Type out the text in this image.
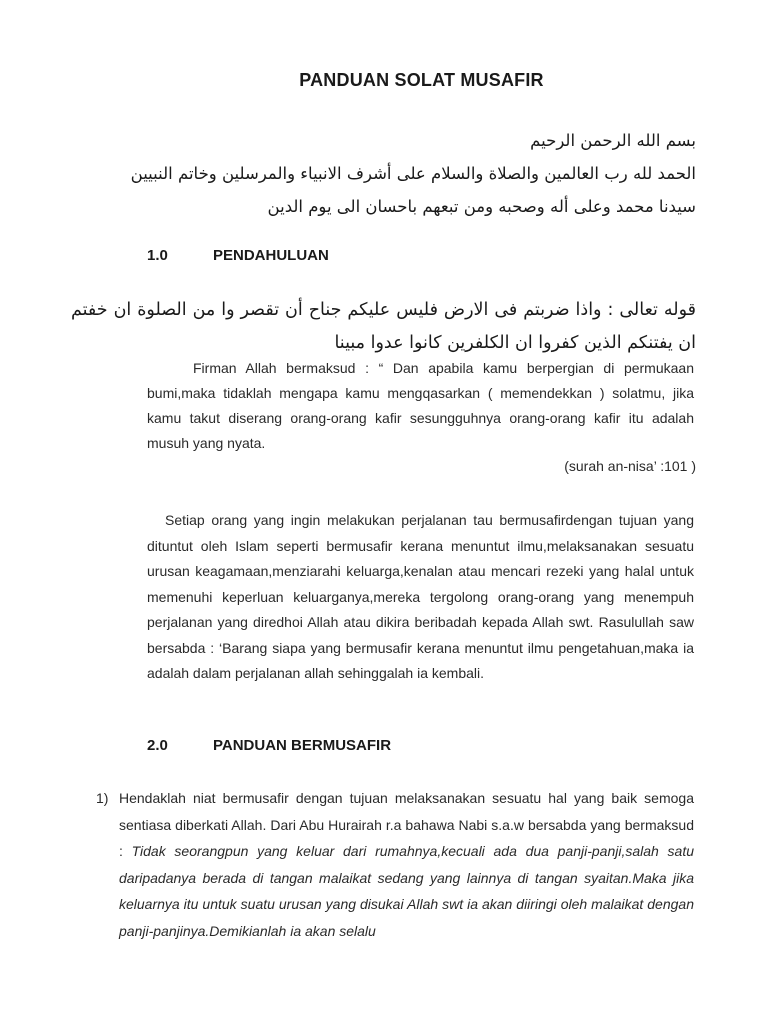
PANDUAN SOLAT MUSAFIR
بسم الله الرحمن الرحيم
الحمد لله رب العالمين والصلاة والسلام على أشرف الانبياء والمرسلين وخاتم النبيين
سيدنا محمد وعلى أله وصحبه ومن تبعهم باحسان الى يوم الدين
1.0	PENDAHULUAN
قوله تعالى : واذا ضربتم فى الارض فليس عليكم جناح أن تقصر وا من الصلوة ان خفتم ان يفتنكم الذين كفروا ان الكلفرين كانوا عدوا مبينا
Firman Allah bermaksud : “ Dan apabila kamu berpergian di permukaan bumi,maka tidaklah mengapa kamu mengqasarkan ( memendekkan ) solatmu, jika kamu takut diserang orang-orang kafir sesungguhnya orang-orang kafir itu adalah musuh yang nyata.
(surah an-nisa’ :101 )
Setiap orang yang ingin melakukan perjalanan tau bermusafirdengan tujuan yang dituntut oleh Islam seperti bermusafir kerana menuntut ilmu,melaksanakan sesuatu urusan keagamaan,menziarahi keluarga,kenalan atau mencari rezeki yang halal untuk memenuhi keperluan keluarganya,mereka tergolong orang-orang yang menempuh perjalanan yang diredhoi Allah atau dikira beribadah kepada Allah swt. Rasulullah saw bersabda : ‘Barang siapa yang bermusafir kerana menuntut ilmu pengetahuan,maka ia adalah dalam perjalanan allah sehinggalah ia kembali.
2.0	PANDUAN BERMUSAFIR
1) Hendaklah niat bermusafir dengan tujuan melaksanakan sesuatu hal yang baik semoga sentiasa diberkati Allah. Dari Abu Hurairah r.a bahawa Nabi s.a.w bersabda yang bermaksud : Tidak seorangpun yang keluar dari rumahnya,kecuali ada dua panji-panji,salah satu daripadanya berada di tangan malaikat sedang yang lainnya di tangan syaitan.Maka jika keluarnya itu untuk suatu urusan yang disukai Allah swt ia akan diiringi oleh malaikat dengan panji-panjinya.Demikianlah ia akan selalu
